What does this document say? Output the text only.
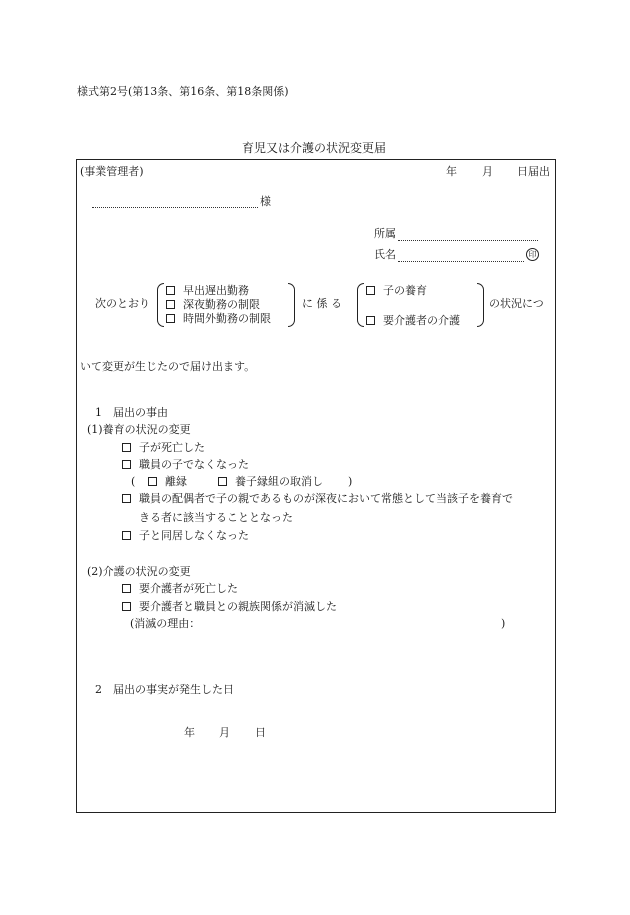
様式第2号(第13条、第16条、第18条関係)
育児又は介護の状況変更届
(事業管理者)	年 月 日届出
様
所属
氏名	印
次のとおり
早出遅出勤務
深夜勤務の制限
時間外勤務の制限
に 係 る
子の養育
要介護者の介護
の状況につ
いて変更が生じたので届け出ます。
1　届出の事由
(1)養育の状況の変更
子が死亡した
職員の子でなくなった
(	離縁	養子縁組の取消し )
職員の配偶者で子の親であるものが深夜において常態として当該子を養育で
きる者に該当することとなった
子と同居しなくなった
(2)介護の状況の変更
要介護者が死亡した
要介護者と職員との親族関係が消滅した
(消滅の理由：	)
2　届出の事実が発生した日
年 月 日
